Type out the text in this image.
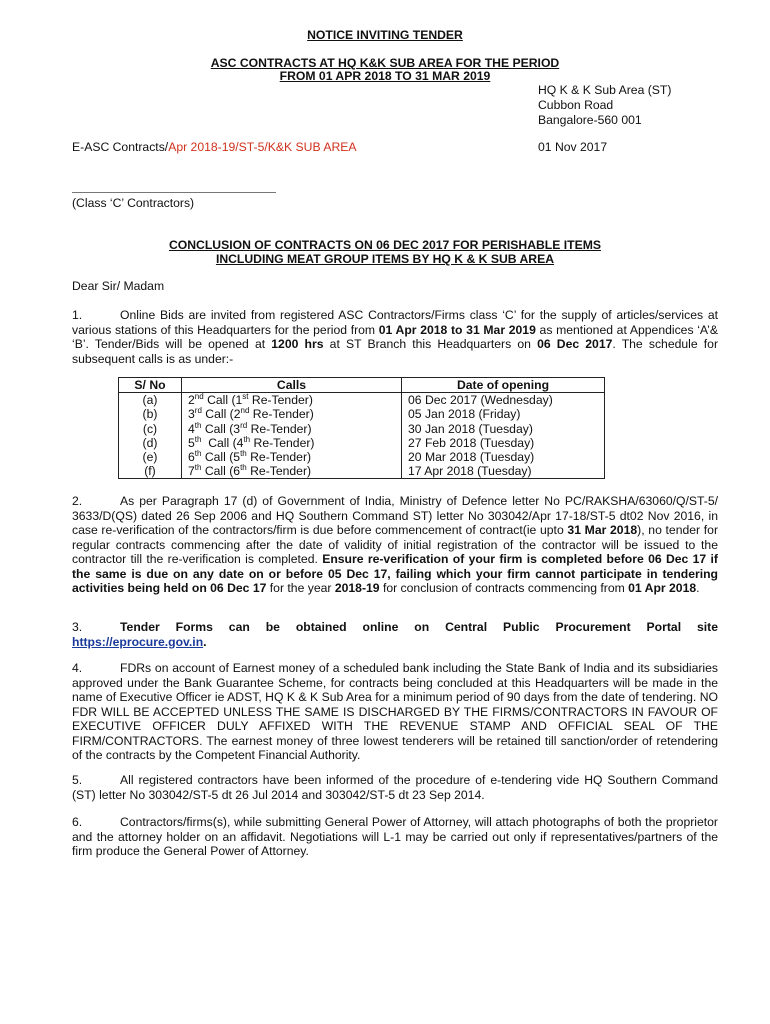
NOTICE INVITING TENDER
ASC CONTRACTS AT HQ K&K SUB AREA FOR THE PERIOD
FROM 01 APR 2018 TO 31 MAR 2019
HQ K & K Sub Area (ST)
Cubbon Road
Bangalore-560 001
E-ASC Contracts/Apr 2018-19/ST-5/K&K SUB AREA	01 Nov 2017
(Class ‘C’ Contractors)
CONCLUSION OF CONTRACTS ON 06 DEC 2017 FOR PERISHABLE ITEMS
INCLUDING MEAT GROUP ITEMS BY HQ K & K SUB AREA
Dear Sir/ Madam
1.	Online Bids are invited from registered ASC Contractors/Firms class ‘C’ for the supply of articles/services at various stations of this Headquarters for the period from 01 Apr 2018 to 31 Mar 2019 as mentioned at Appendices ‘A’& ‘B’. Tender/Bids will be opened at 1200 hrs at ST Branch this Headquarters on 06 Dec 2017. The schedule for subsequent calls is as under:-
S/ No	Calls	Date of opening
(a)	2nd Call (1st Re-Tender)	06 Dec 2017 (Wednesday)
(b)	3rd Call (2nd Re-Tender)	05 Jan 2018 (Friday)
(c)	4th Call (3rd Re-Tender)	30 Jan 2018 (Tuesday)
(d)	5th  Call (4th Re-Tender)	27 Feb 2018 (Tuesday)
(e)	6th Call (5th Re-Tender)	20 Mar 2018 (Tuesday)
(f)	7th Call (6th Re-Tender)	17 Apr 2018 (Tuesday)
2.	As per Paragraph 17 (d) of Government of India, Ministry of Defence letter No PC/RAKSHA/63060/Q/ST-5/ 3633/D(QS) dated 26 Sep 2006 and HQ Southern Command ST) letter No 303042/Apr 17-18/ST-5 dt02 Nov 2016, in case re-verification of the contractors/firm is due before commencement of contract(ie upto 31 Mar 2018), no tender for regular contracts commencing after the date of validity of initial registration of the contractor will be issued to the contractor till the re-verification is completed. Ensure re-verification of your firm is completed before 06 Dec 17 if the same is due on any date on or before 05 Dec 17, failing which your firm cannot participate in tendering activities being held on 06 Dec 17 for the year 2018-19 for conclusion of contracts commencing from 01 Apr 2018.
3.	Tender Forms can be obtained online on Central Public Procurement Portal site https://eprocure.gov.in.
4.	FDRs on account of Earnest money of a scheduled bank including the State Bank of India and its subsidiaries approved under the Bank Guarantee Scheme, for contracts being concluded at this Headquarters will be made in the name of Executive Officer ie ADST, HQ K & K Sub Area for a minimum period of 90 days from the date of tendering. NO FDR WILL BE ACCEPTED UNLESS THE SAME IS DISCHARGED BY THE FIRMS/CONTRACTORS IN FAVOUR OF EXECUTIVE OFFICER DULY AFFIXED WITH THE REVENUE STAMP AND OFFICIAL SEAL OF THE FIRM/CONTRACTORS. The earnest money of three lowest tenderers will be retained till sanction/order of retendering of the contracts by the Competent Financial Authority.
5.	All registered contractors have been informed of the procedure of e-tendering vide HQ Southern Command (ST) letter No 303042/ST-5 dt 26 Jul 2014 and 303042/ST-5 dt 23 Sep 2014.
6.	Contractors/firms(s), while submitting General Power of Attorney, will attach photographs of both the proprietor and the attorney holder on an affidavit. Negotiations will L-1 may be carried out only if representatives/partners of the firm produce the General Power of Attorney.
